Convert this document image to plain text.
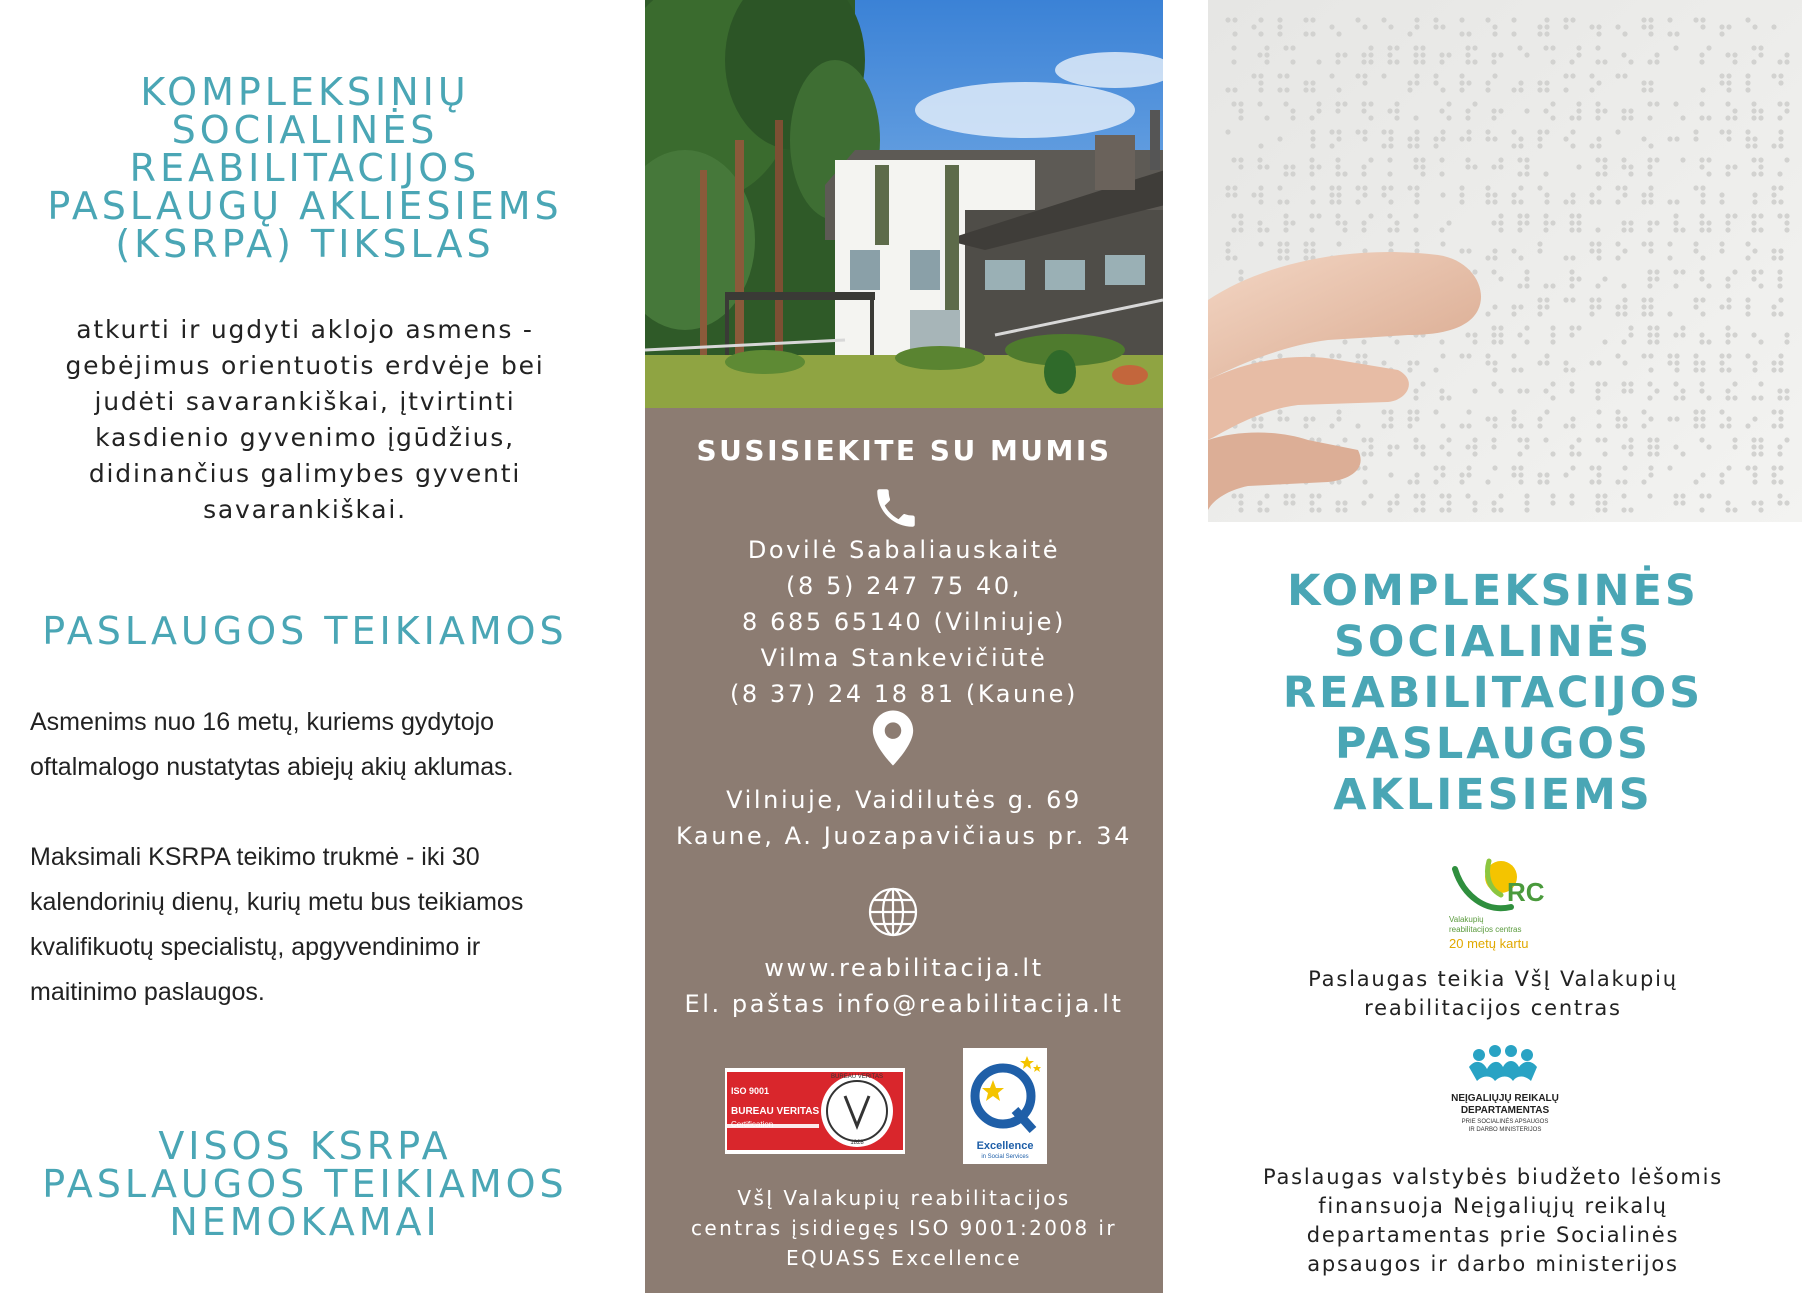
KOMPLEKSINIŲ SOCIALINĖS REABILITACIJOS PASLAUGŲ AKLIESIEMS (KSRPA) TIKSLAS

atkurti ir ugdyti aklojo asmens - gebėjimus orientuotis erdvėje bei judėti savarankiškai, įtvirtinti kasdienio gyvenimo įgūdžius, didinančius galimybes gyventi savarankiškai.

PASLAUGOS TEIKIAMOS

Asmenims nuo 16 metų, kuriems gydytojo oftalmalogo nustatytas abiejų akių aklumas.

Maksimali KSRPA teikimo trukmė - iki 30 kalendorinių dienų, kurių metu bus teikiamos kvalifikuotų specialistų, apgyvendinimo ir maitinimo paslaugos.

VISOS KSRPA PASLAUGOS TEIKIAMOS NEMOKAMAI
SUSISIEKITE SU MUMIS
Dovilė Sabaliauskaitė
(8 5) 247 75 40,
8 685 65140 (Vilniuje)
Vilma Stankevičiūtė
(8 37) 24 18 81 (Kaune)
Vilniuje, Vaidilutės g. 69
Kaune, A. Juozapavičiaus pr. 34
www.reabilitacija.lt
El. paštas info@reabilitacija.lt
ISO 9001
BUREAU VERITAS
Certification
BUREAU VERITAS
1828	Excellence
in Social Services
VšĮ Valakupių reabilitacijos
centras įsidiegęs ISO 9001:2008 ir
EQUASS Excellence
KOMPLEKSINĖS
SOCIALINĖS
REABILITACIJOS
PASLAUGOS
AKLIESIEMS
RC
Valakupių
reabilitacijos centras
20 metų kartu
Paslaugas teikia VšĮ Valakupių
reabilitacijos centras
NEĮGALIŲJŲ REIKALŲ
DEPARTAMENTAS
PRIE SOCIALINĖS APSAUGOS
IR DARBO MINISTERIJOS
Paslaugas valstybės biudžeto lėšomis
finansuoja Neįgaliųjų reikalų
departamentas prie Socialinės
apsaugos ir darbo ministerijos
